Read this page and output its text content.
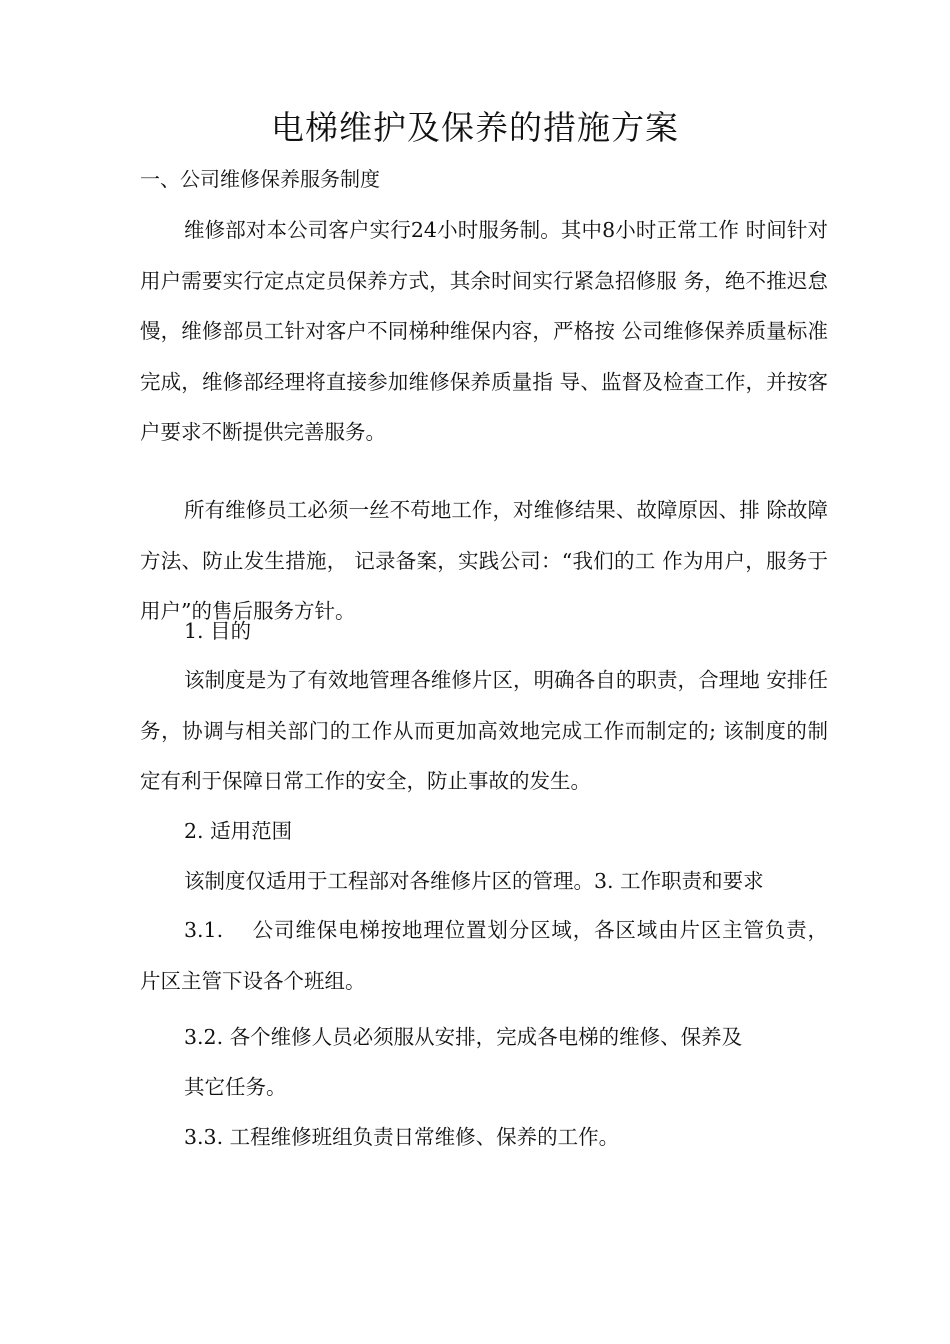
电梯维护及保养的措施方案
一、公司维修保养服务制度

维修部对本公司客户实行24小时服务制。其中8小时正常工作 时间针对用户需要实行定点定员保养方式，其余时间实行紧急招修服 务，绝不推迟怠慢，维修部员工针对客户不同梯种维保内容，严格按 公司维修保养质量标准完成，维修部经理将直接参加维修保养质量指 导、监督及检查工作，并按客户要求不断提供完善服务。

所有维修员工必须一丝不苟地工作，对维修结果、故障原因、排 除故障方法、防止发生措施， 记录备案，实践公司：“我们的工 作为用户，服务于用户”的售后服务方针。

1. 目的

该制度是为了有效地管理各维修片区，明确各自的职责，合理地 安排任务，协调与相关部门的工作从而更加高效地完成工作而制定的; 该制度的制定有利于保障日常工作的安全，防止事故的发生。

2. 适用范围
该制度仅适用于工程部对各维修片区的管理。3. 工作职责和要求

3.1.　 公司维保电梯按地理位置划分区域，各区域由片区主管负责， 片区主管下设各个班组。

3.2. 各个维修人员必须服从安排，完成各电梯的维修、保养及
其它任务。
3.3. 工程维修班组负责日常维修、保养的工作。
